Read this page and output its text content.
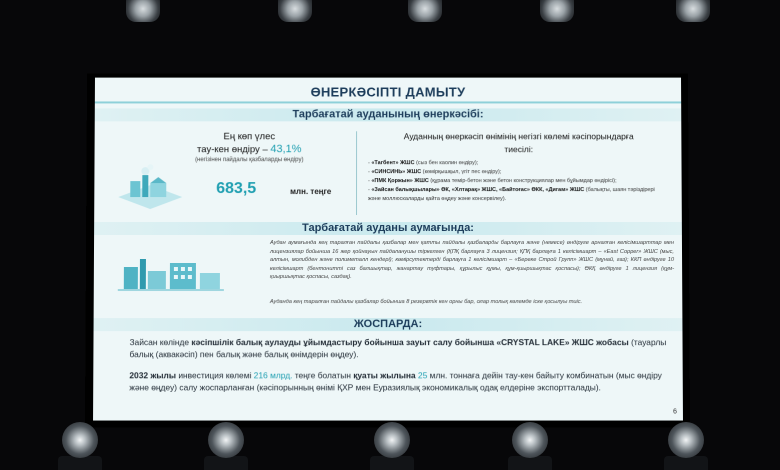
ӨНЕРКӘСІПТІ ДАМЫТУ
Тарбағатай ауданының өнеркәсібі:
Ең көп үлес
тау-кен өндіру – 43,1%
(негізінен пайдалы қазбаларды өндіру)
683,5	млн. теңге
Ауданның өнеркәсіп өнімінің негізгі көлемі кәсіпорындарға тиесілі:
- «Тагбент» ЖШС (сыз бен каолин өндіру);
- «СИНСИНЬ» ЖШС (көмірқышқыл, үгіт пес өндіру);
- «ПМК Қоржын» ЖШС (құрама темір-бетон және бетон конструкциялар мен бұйымдар өндірісі);
- «Зайсан балықшылары» ӨК, «Хлтарақ» ЖШС, «Байтоғас» ӨКК, «Дигам» ЖШС (балықты, шаян тәріздірері және моллюскаларды қайта өңдеу және консервілеу).
Тарбағатай ауданы аумағында:
Аудан аумағында кең таралған пайдалы қазбалар мен қатты пайдалы қазбаларды барлауға және (немесе) өндіруге арналған келісімшарттар мен лицензиялар бойынша 16 жер қойнауын пайдаланушы тіркелген (ҚПҚ барлауға 3 лицензия; ҚПҚ барлауға 1 келісімшарт – «East Copper» ЖШС (мыс, алтын, молибден және полиметалл кендері); көмірсутектерді барлауға 1 келісімшарт – «Берекe Строй Групп» ЖШС (мұнай, газ); ККП өндіруге 10 келісімшарт (бентонитті саз балшықтар, жанартау туфтары, құрылыс құмы, құм-қиыршықтас қоспасы); ӨКҚ өндіруге 1 лицензия (құм-қиыршықтас қоспасы, саздақ).
Ауданда кең таралған пайдалы қазбалар бойынша 8 резервтік кен орны бар, олар толық көлемде іске қосылуы тиіс.
ЖОСПАРДА:
Зайсан көлінде кәсіпшілік балық аулауды ұйымдастыру бойынша зауыт салу бойынша «CRYSTAL LAKE» ЖШС жобасы (тауарлы балық (аквакәсіп) пен балық және балық өнімдерін өңдеу).
2032 жылы инвестиция көлемі 216 млрд. теңге болатын қуаты жылына 25 млн. тоннаға дейін тау-кен байыту комбинатын (мыс өндіру және өңдеу) салу жоспарланған (кәсіпорынның өнімі ҚХР мен Еуразиялық экономикалық одақ елдеріне экспортталады).
6
